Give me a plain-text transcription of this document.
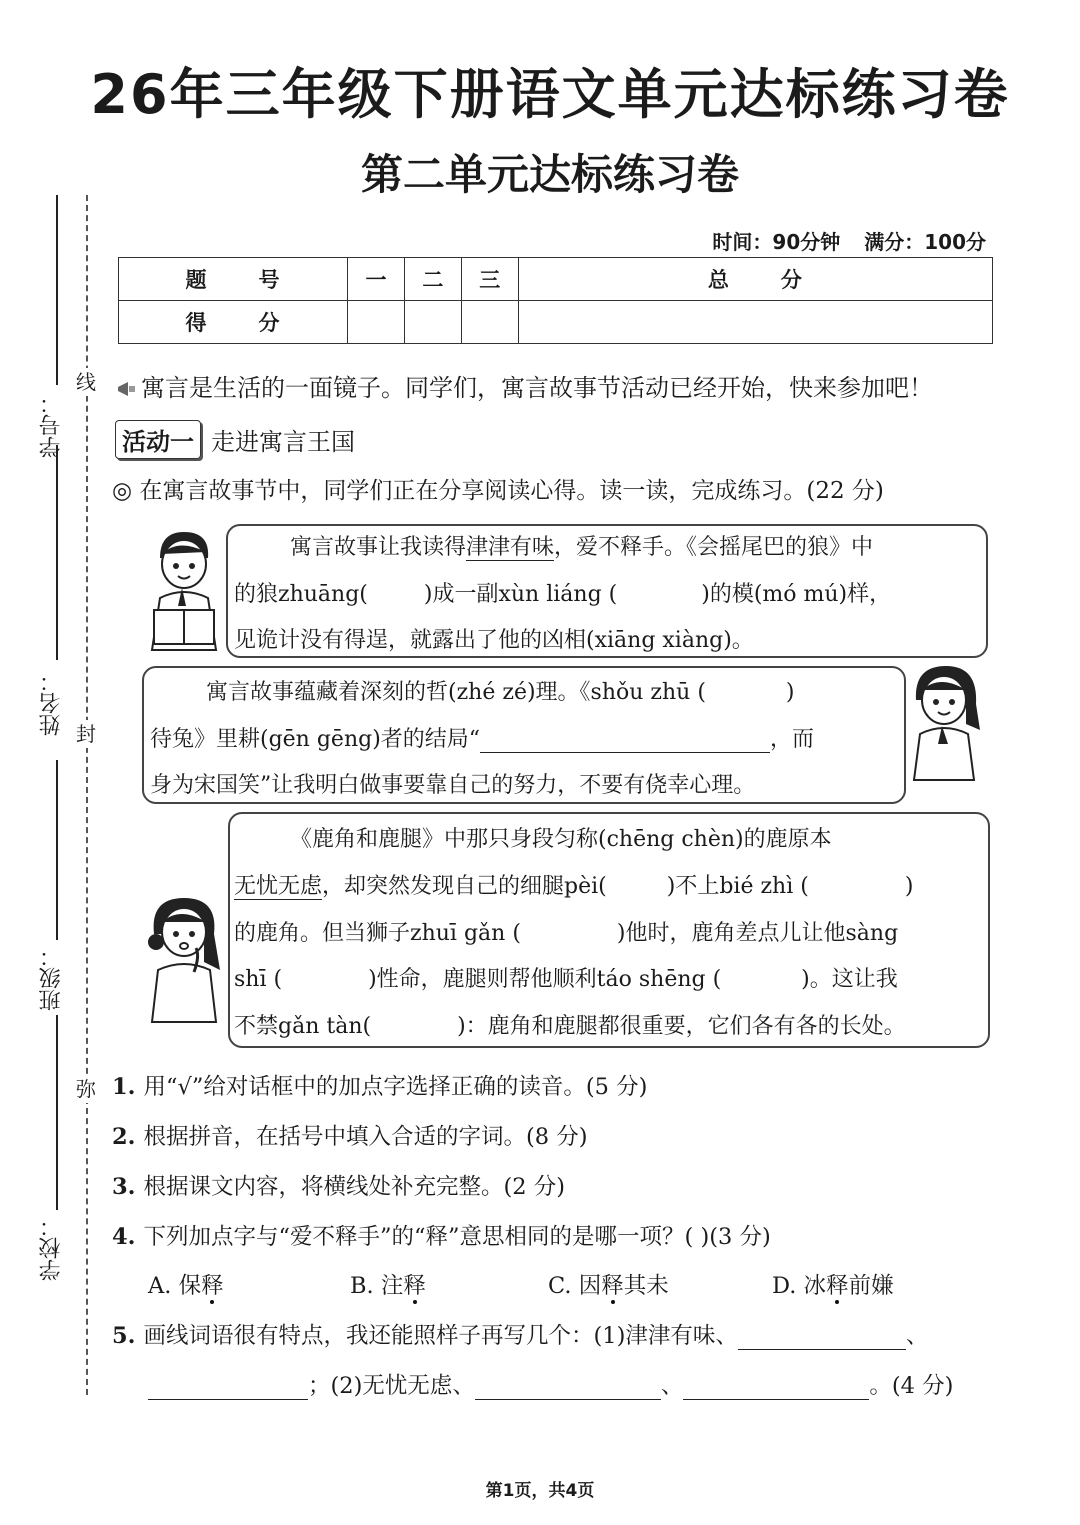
线
封
弥
学号：
姓名：
班级：
学校：
26年三年级下册语文单元达标练习卷
第二单元达标练习卷
时间：90分钟 满分：100分
题号	一	二	三	总分
得分				
寓言是生活的一面镜子。同学们，寓言故事节活动已经开始，快来参加吧！
活动一 走进寓言王国
◎ 在寓言故事节中，同学们正在分享阅读心得。读一读，完成练习。(22 分)
寓言故事让我读得津津有味，爱不释手。《会摇尾巴的狼》中
的狼zhuāng(	)成一副xùn liáng (	)的模(mó mú)样，
见诡计没有得逞，就露出了他的凶相(xiāng xiàng)。
寓言故事蕴藏着深刻的哲(zhé zé)理。《shǒu zhū (	)
待兔》里耕(gēn gēng)者的结局“	，而
身为宋国笑”让我明白做事要靠自己的努力，不要有侥幸心理。
《鹿角和鹿腿》中那只身段匀称(chēng chèn)的鹿原本
无忧无虑，却突然发现自己的细腿pèi(	)不上bié zhì (	)
的鹿角。但当狮子zhuī gǎn (	)他时，鹿角差点儿让他sàng
shī (	)性命，鹿腿则帮他顺利táo shēng (	)。这让我
不禁gǎn tàn(	)：鹿角和鹿腿都很重要，它们各有各的长处。
1. 用“√”给对话框中的加点字选择正确的读音。(5 分)
2. 根据拼音，在括号中填入合适的字词。(8 分)
3. 根据课文内容，将横线处补充完整。(2 分)
4. 下列加点字与“爱不释手”的“释”意思相同的是哪一项？( )(3 分)
A. 保释	B. 注释	C. 因释其未	D. 冰释前嫌
5. 画线词语很有特点，我还能照样子再写几个：(1)津津有味、	、
；(2)无忧无虑、	、	。(4 分)
第1页，共4页
